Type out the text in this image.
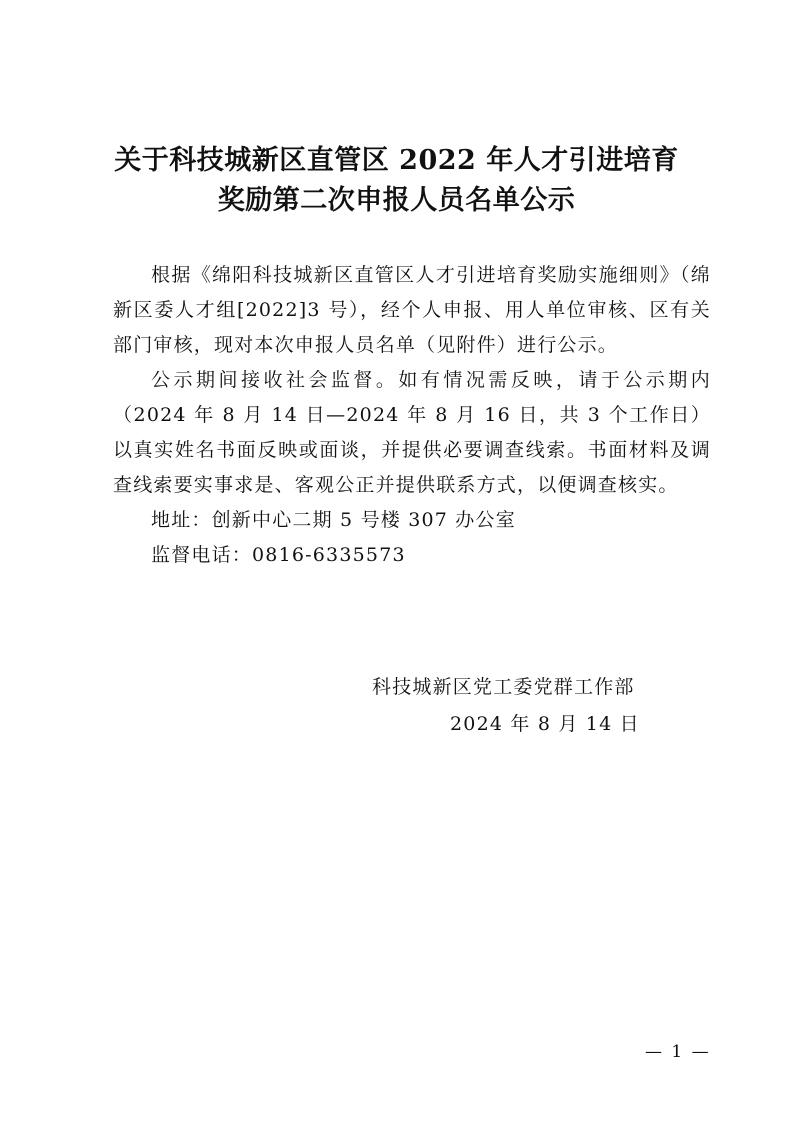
关于科技城新区直管区 2022 年人才引进培育
奖励第二次申报人员名单公示

根据《绵阳科技城新区直管区人才引进培育奖励实施细则》（绵新区委人才组[2022]3 号），经个人申报、用人单位审核、区有关部门审核，现对本次申报人员名单（见附件）进行公示。

公示期间接收社会监督。如有情况需反映，请于公示期内（2024 年 8 月 14 日—2024 年 8 月 16 日，共 3 个工作日）以真实姓名书面反映或面谈，并提供必要调查线索。书面材料及调查线索要实事求是、客观公正并提供联系方式，以便调查核实。

地址：创新中心二期 5 号楼 307 办公室

监督电话：0816-6335573

科技城新区党工委党群工作部
2024 年 8 月 14 日
— 1 —
